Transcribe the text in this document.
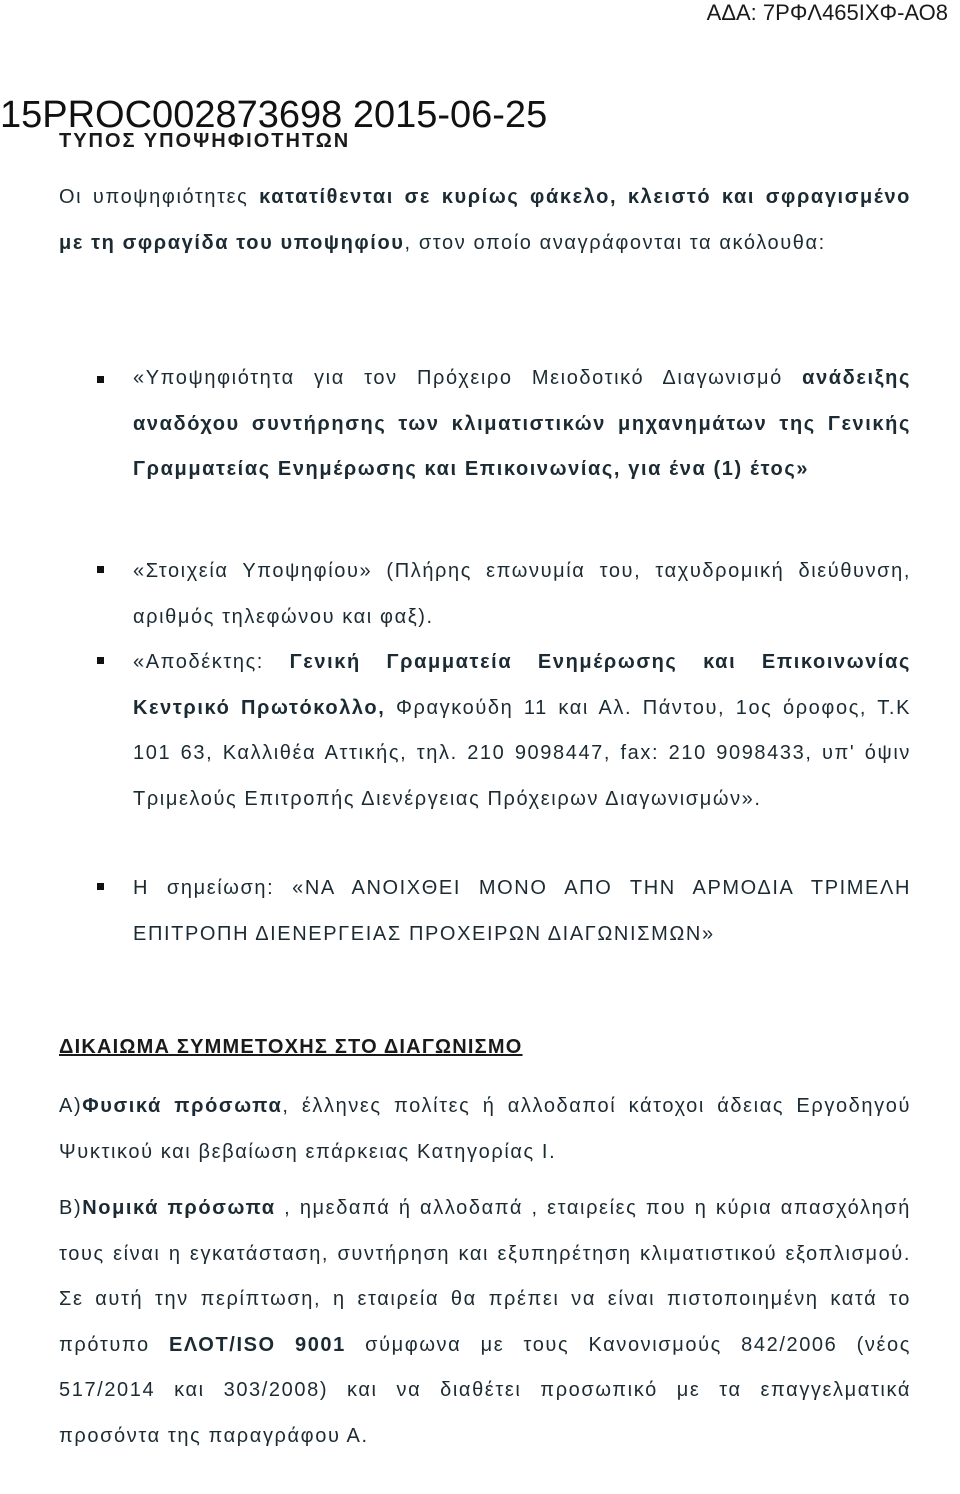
ΑΔΑ: 7ΡΦΛ465ΙΧΦ-ΑΟ8
ΤΥΠΟΣ ΥΠΟΨΗΦΙΟΤΗΤΩΝ
15PROC002873698 2015-06-25

Οι υποψηφιότητες κατατίθενται σε κυρίως φάκελο, κλειστό και σφραγισμένο με τη σφραγίδα του υποψηφίου, στον οποίο αναγράφονται τα ακόλουθα:

«Υποψηφιότητα για τον Πρόχειρο Μειοδοτικό Διαγωνισμό ανάδειξης αναδόχου συντήρησης των κλιματιστικών μηχανημάτων της Γενικής Γραμματείας Ενημέρωσης και Επικοινωνίας, για ένα (1) έτος»

«Στοιχεία Υποψηφίου» (Πλήρης επωνυμία του, ταχυδρομική διεύθυνση, αριθμός τηλεφώνου και φαξ).

«Αποδέκτης: Γενική Γραμματεία Ενημέρωσης και Επικοινωνίας Κεντρικό Πρωτόκολλο, Φραγκούδη 11 και Αλ. Πάντου, 1ος όροφος, Τ.Κ 101 63, Καλλιθέα Αττικής, τηλ. 210 9098447, fax: 210 9098433, υπ' όψιν Τριμελούς Επιτροπής Διενέργειας Πρόχειρων Διαγωνισμών».

Η σημείωση: «ΝΑ ΑΝΟΙΧΘΕΙ ΜΟΝΟ ΑΠΟ ΤΗΝ ΑΡΜΟΔΙΑ ΤΡΙΜΕΛΗ ΕΠΙΤΡΟΠΗ ΔΙΕΝΕΡΓΕΙΑΣ ΠΡΟΧΕΙΡΩΝ ΔΙΑΓΩΝΙΣΜΩΝ»

ΔΙΚΑΙΩΜΑ ΣΥΜΜΕΤΟΧΗΣ ΣΤΟ ΔΙΑΓΩΝΙΣΜΟ

Α)Φυσικά πρόσωπα, έλληνες πολίτες ή αλλοδαποί κάτοχοι άδειας Εργοδηγού Ψυκτικού και βεβαίωση επάρκειας Κατηγορίας Ι.

Β)Νομικά πρόσωπα , ημεδαπά ή αλλοδαπά , εταιρείες που η κύρια απασχόλησή τους είναι η εγκατάσταση, συντήρηση και εξυπηρέτηση κλιματιστικού εξοπλισμού. Σε αυτή την περίπτωση, η εταιρεία θα πρέπει να είναι πιστοποιημένη κατά το πρότυπο ΕΛΟΤ/ISO 9001 σύμφωνα με τους Κανονισμούς 842/2006 (νέος 517/2014 και 303/2008) και να διαθέτει προσωπικό με τα επαγγελματικά προσόντα της παραγράφου Α.
